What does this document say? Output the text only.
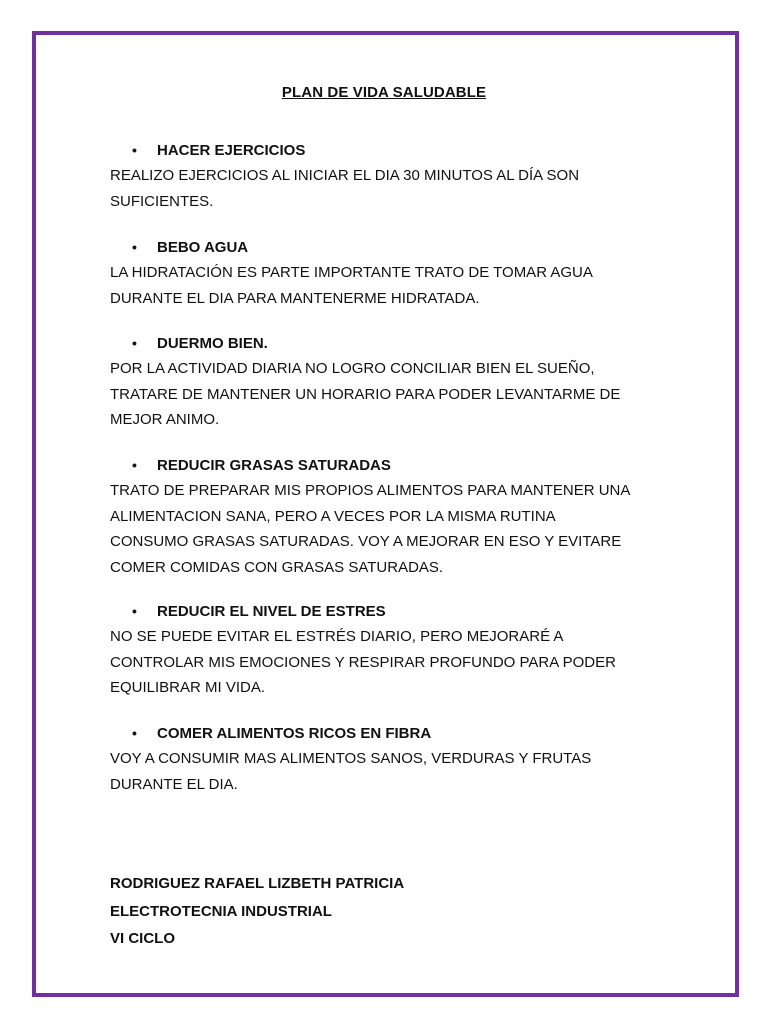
PLAN DE VIDA SALUDABLE
• HACER EJERCICIOS
REALIZO EJERCICIOS AL INICIAR EL DIA 30 MINUTOS AL DÍA SON
SUFICIENTES.
• BEBO AGUA
LA HIDRATACIÓN ES PARTE IMPORTANTE TRATO DE TOMAR AGUA
DURANTE EL DIA PARA MANTENERME HIDRATADA.
• DUERMO BIEN.
POR LA ACTIVIDAD DIARIA NO LOGRO CONCILIAR BIEN EL SUEÑO,
TRATARE DE MANTENER UN HORARIO PARA PODER LEVANTARME DE
MEJOR ANIMO.
• REDUCIR GRASAS SATURADAS
TRATO DE PREPARAR MIS PROPIOS ALIMENTOS PARA MANTENER UNA
ALIMENTACION SANA, PERO A VECES POR LA MISMA RUTINA
CONSUMO GRASAS SATURADAS. VOY A MEJORAR EN ESO Y EVITARE
COMER COMIDAS CON GRASAS SATURADAS.
• REDUCIR EL NIVEL DE ESTRES
NO SE PUEDE EVITAR EL ESTRÉS DIARIO, PERO MEJORARÉ A
CONTROLAR MIS EMOCIONES Y RESPIRAR PROFUNDO PARA PODER
EQUILIBRAR MI VIDA.
• COMER ALIMENTOS RICOS EN FIBRA
VOY A CONSUMIR MAS ALIMENTOS SANOS, VERDURAS Y FRUTAS
DURANTE EL DIA.
RODRIGUEZ RAFAEL LIZBETH PATRICIA
ELECTROTECNIA INDUSTRIAL
VI CICLO
